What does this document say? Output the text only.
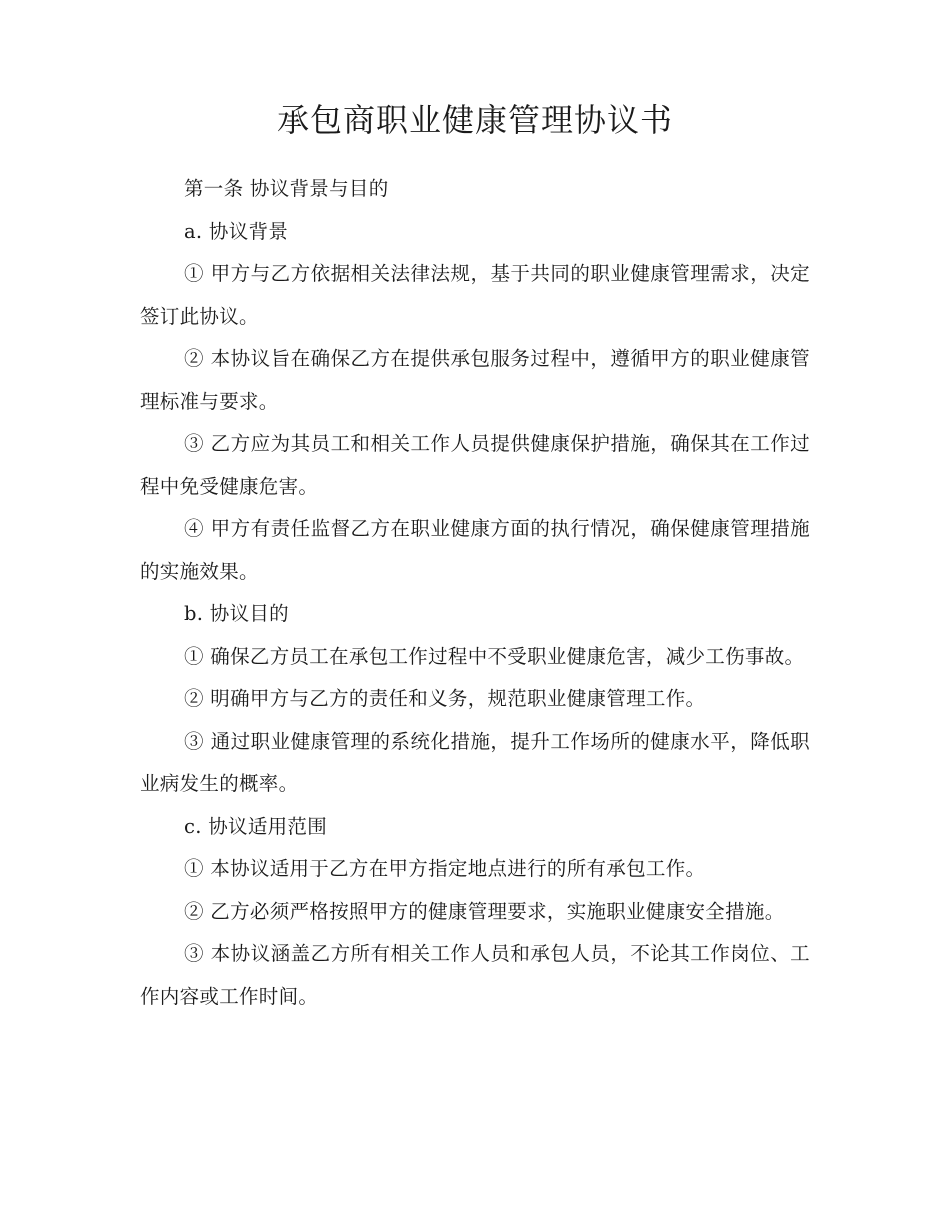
承包商职业健康管理协议书

第一条 协议背景与目的

a. 协议背景

① 甲方与乙方依据相关法律法规，基于共同的职业健康管理需求，决定签订此协议。

② 本协议旨在确保乙方在提供承包服务过程中，遵循甲方的职业健康管理标准与要求。

③ 乙方应为其员工和相关工作人员提供健康保护措施，确保其在工作过程中免受健康危害。

④ 甲方有责任监督乙方在职业健康方面的执行情况，确保健康管理措施的实施效果。

b. 协议目的

① 确保乙方员工在承包工作过程中不受职业健康危害，减少工伤事故。

② 明确甲方与乙方的责任和义务，规范职业健康管理工作。

③ 通过职业健康管理的系统化措施，提升工作场所的健康水平，降低职业病发生的概率。

c. 协议适用范围

① 本协议适用于乙方在甲方指定地点进行的所有承包工作。

② 乙方必须严格按照甲方的健康管理要求，实施职业健康安全措施。

③ 本协议涵盖乙方所有相关工作人员和承包人员，不论其工作岗位、工作内容或工作时间。
